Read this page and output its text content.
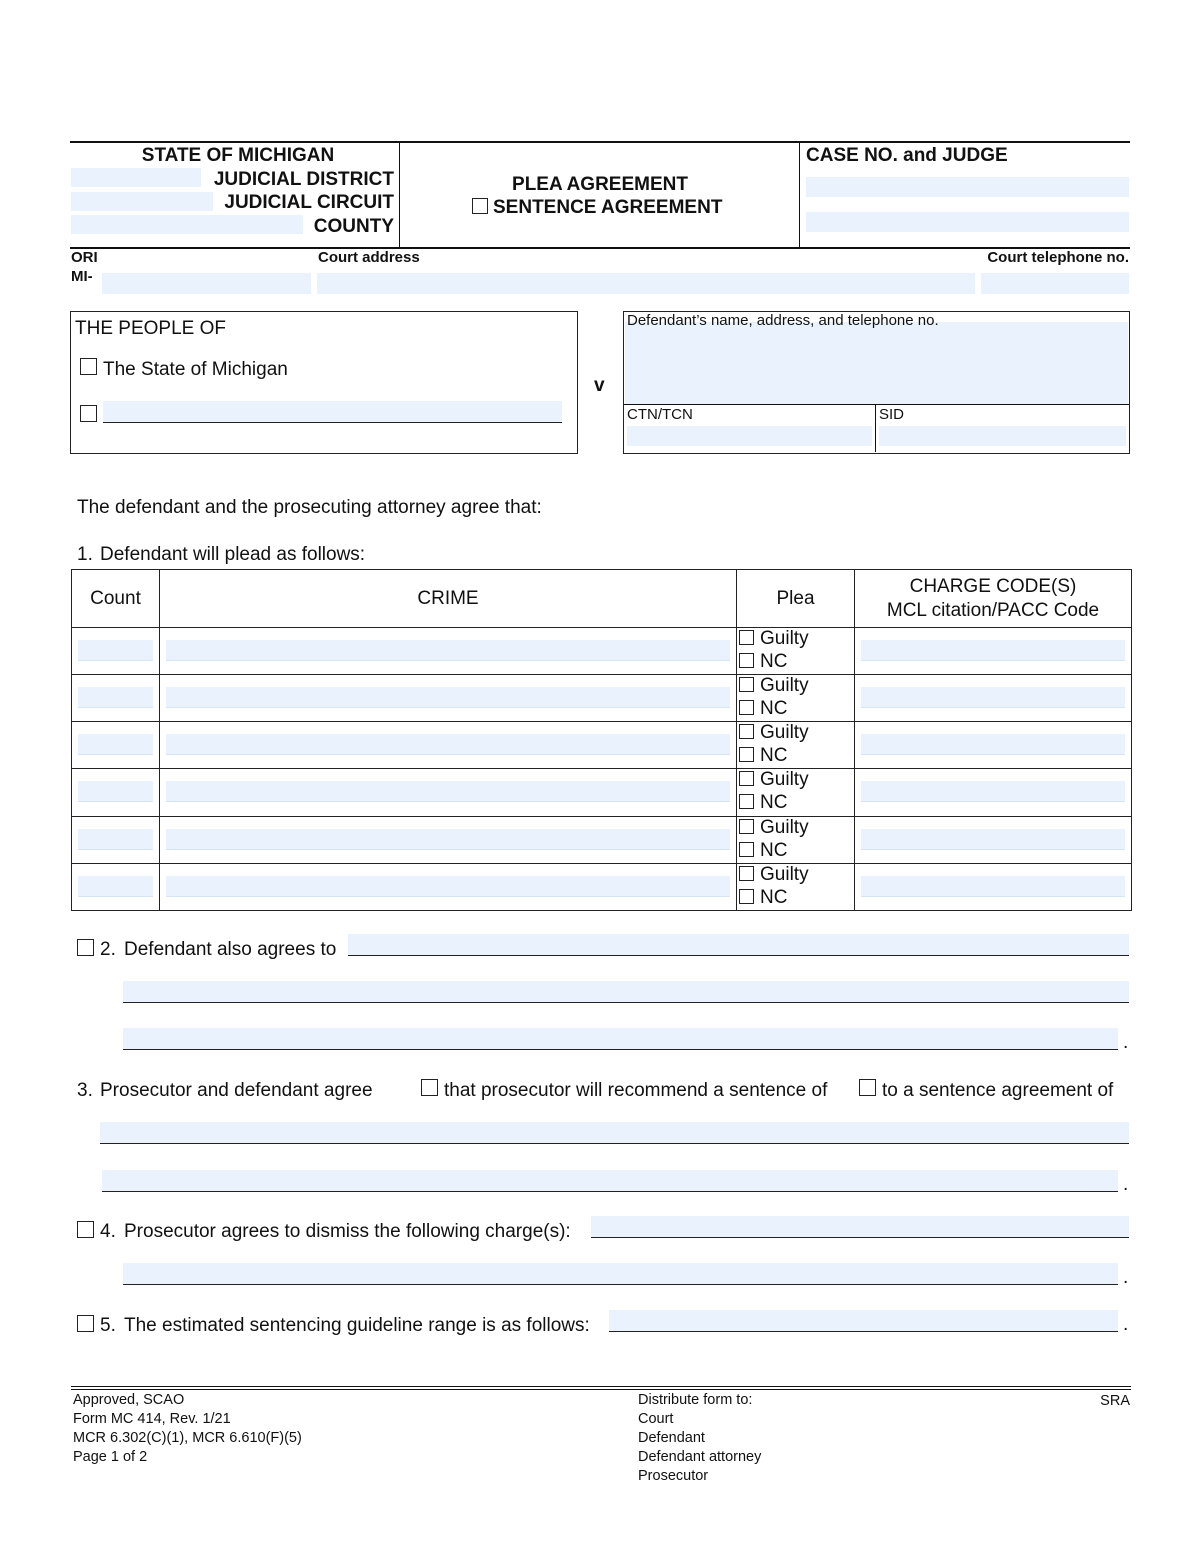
STATE OF MICHIGAN
JUDICIAL DISTRICT
JUDICIAL CIRCUIT
COUNTY
PLEA AGREEMENT
SENTENCE AGREEMENT
CASE NO. and JUDGE
ORI
MI-
Court address	Court telephone no.
THE PEOPLE OF
The State of Michigan
v
Defendant’s name, address, and telephone no.
CTN/TCN	SID
The defendant and the prosecuting attorney agree that:
1. Defendant will plead as follows:
Count	CRIME	Plea	CHARGE CODE(S)
MCL citation/PACC Code

		Guilty
NC	

		Guilty
NC	

		Guilty
NC	

		Guilty
NC	

		Guilty
NC	

		Guilty
NC	

2. Defendant also agrees to
.
3. Prosecutor and defendant agree	that prosecutor will recommend a sentence of	to a sentence agreement of
.
4. Prosecutor agrees to dismiss the following charge(s):
.
5. The estimated sentencing guideline range is as follows:	.
Approved, SCAO
Form MC 414, Rev. 1/21
MCR 6.302(C)(1), MCR 6.610(F)(5)
Page 1 of 2
Distribute form to:
Court
Defendant
Defendant attorney
Prosecutor
SRA
